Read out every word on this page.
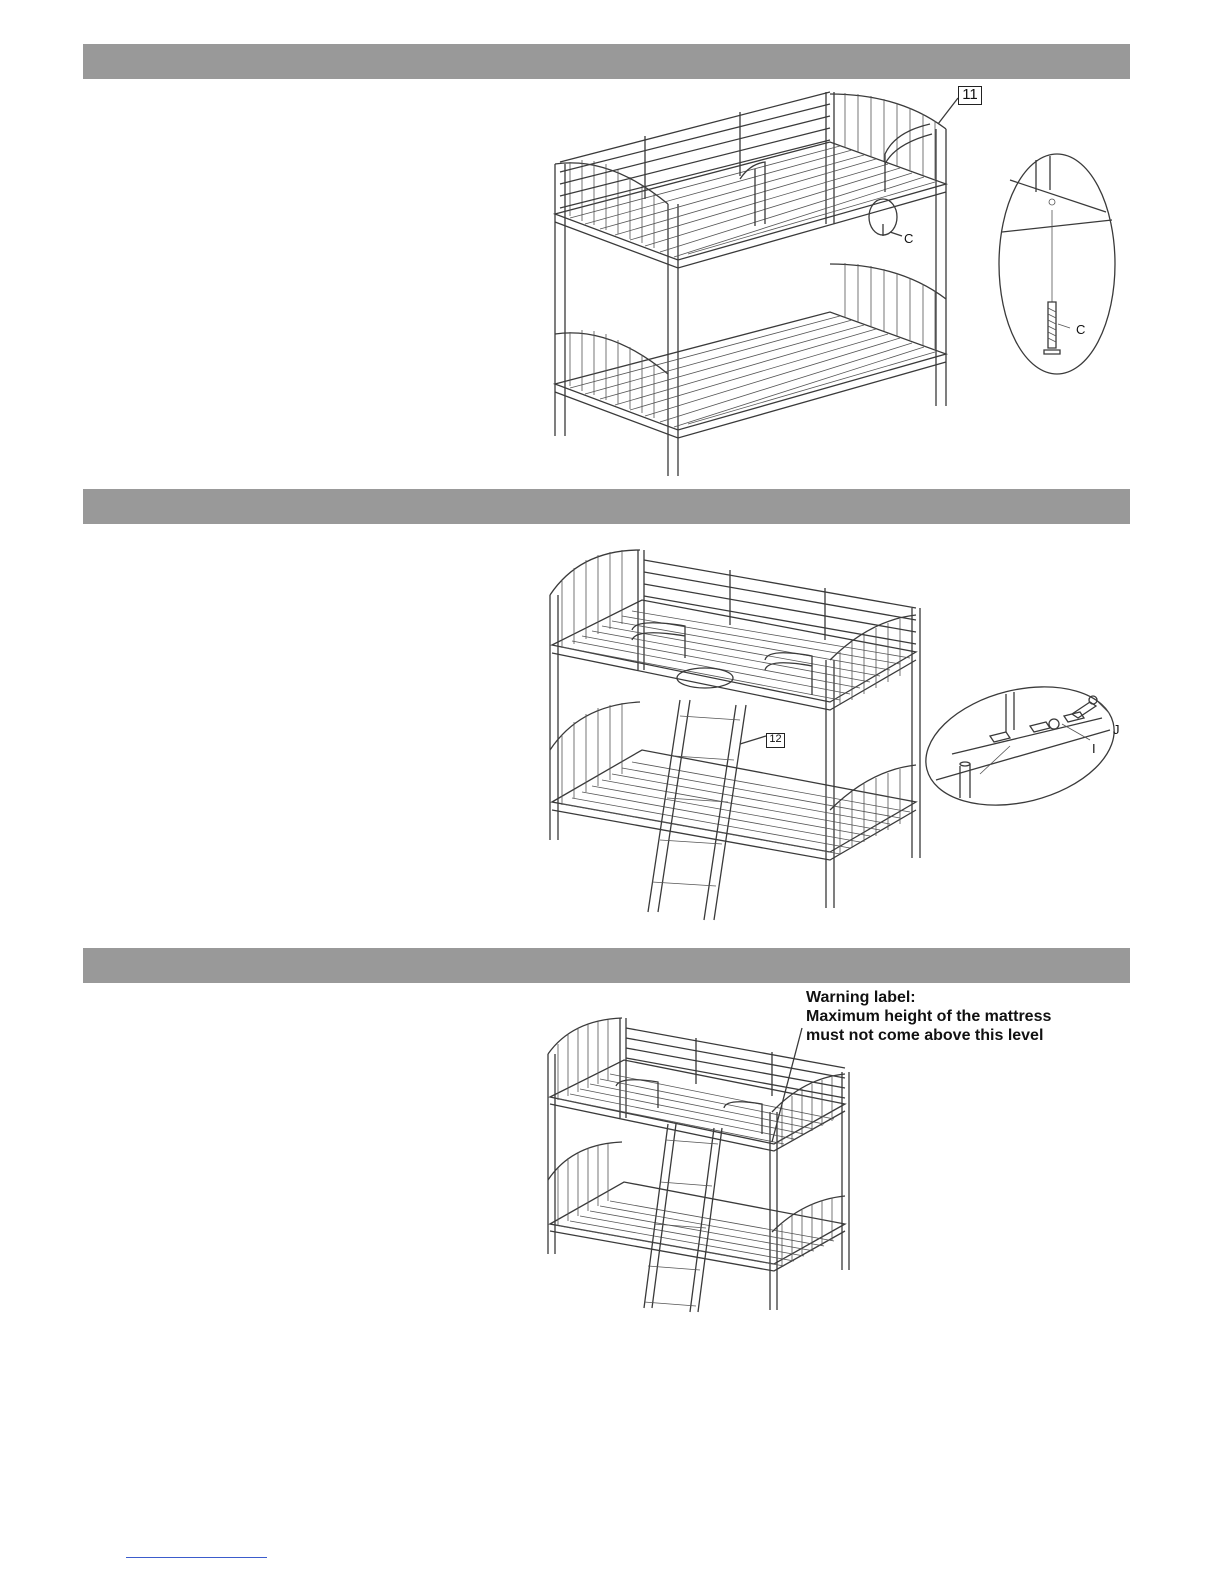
11
C
C
12
J
I
Warning label:
Maximum height of the mattress
must not come above this level
